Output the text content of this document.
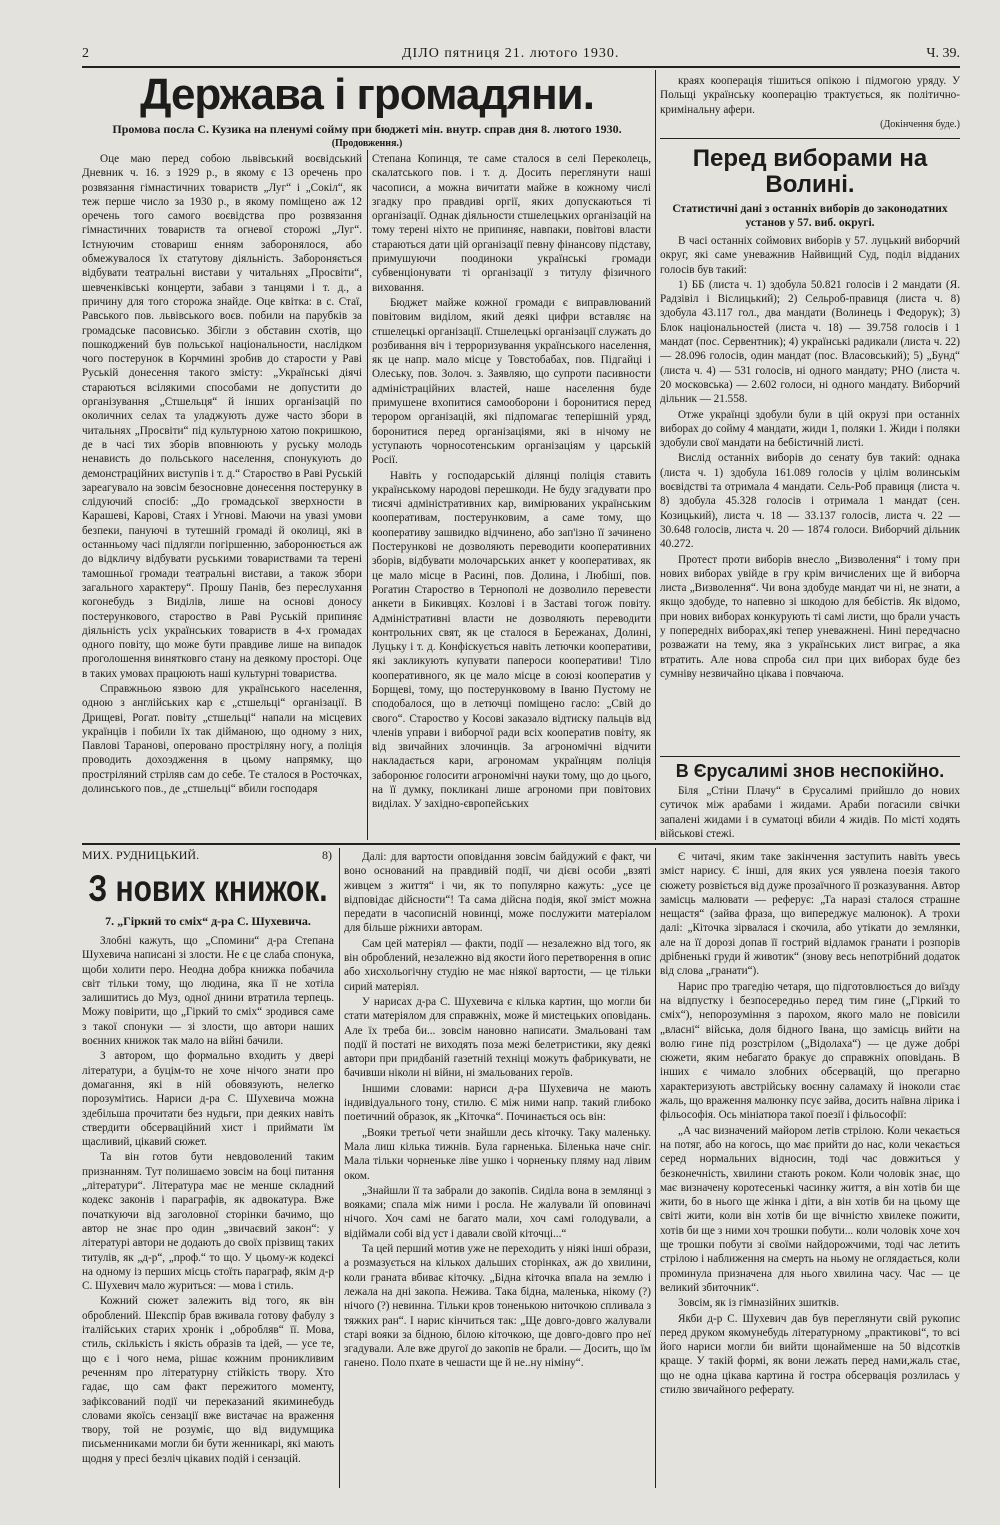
2	ДІЛО пятниця 21. лютого 1930.	Ч. 39.
Держава і громадяни.
Промова посла С. Кузика на пленумі сойму при бюджеті мін. внутр. справ дня 8. лютого 1930.
(Продовження.)

Оце маю перед собою львівський воєвідський Дневник ч. 16. з 1929 р., в якому є 13 оречень про розвязання гімнастичних товариств „Луг“ і „Сокіл“, як теж перше число за 1930 р., в якому поміщено аж 12 оречень того самого воєвідства про розвязання гімнастичних товариств та огневої сторожі „Луг“. Істнуючим стовариш енням заборонялося, або обмежувалося їх статутову діяльність. Забороняється відбувати театральні вистави у читальнях „Просвіти“, шевченківські концерти, забави з танцями і т. д., а причину для того сторожа знайде. Оце квітка: в с. Стаї, Равського пов. львівського воєв. побили на парубків за громадське пасовисько. Збігли з обставин схотів, що пошкоджений був польської національности, наслідком чого постерунок в Корчмині зробив до старости у Раві Руській донесення такого змісту: „Українські діячі стараються всілякими способами не допустити до організування „Стшельця“ й інших організацій по околичних селах та уладжують дуже часто збори в читальнях „Просвіти“ під культурною хатою покришкою, де в часі тих зборів вповнюють у руську молодь ненависть до польського населення, спонукують до демонстраційних виступів і т. д.“ Староство в Раві Руській зареагувало на зовсім безосновне донесення постерунку в слідуючий спосіб: „До громадської зверхности в Карашеві, Карові, Стаях і Угнові. Маючи на увазі умови безпеки, пануючі в тутешній громаді й околиці, які в останньому часі підлягли погіршенню, заборонюється аж до відкличу відбувати руськими товариствами та терені тамошньої громади театральні вистави, а також збори загального характеру“. Прошу Панів, без переслухання когонебудь з Виділів, лише на основі доносу постерункового, староство в Раві Руській припиняє діяльність усіх українських товариств в 4-х громадах одного повіту, що може бути правдиве лише на випадок проголошення винятковго стану на деякому просторі. Оце в таких умовах працюють наші культурні товариства.

Справжньою язвою для українського населення, одною з англійських кар є „стшельці“ організації. В Дрищеві, Рогат. повіту „стшельці“ напали на місцевих українців і побили їх так дійманою, що одному з них, Павлові Таранові, оперовано простріляну ногу, а поліція проводить дохоэдження в цьому напрямку, що простріляний стріляв сам до себе. Те сталося в Росточках, долинського пов., де „стшельці“ вбили господаря

Степана Копинця, те саме сталося в селі Переколець, скалатського пов. і т. д. Досить переглянути наші часописи, а можна вичитати майже в кожному числі згадку про правдиві оргії, яких допускаються ті організації. Однак діяльности стшелецьких організацій на тому терені ніхто не припиняє, навпаки, повітові власти стараються дати цій організації певну фінансову підставу, примушуючи поодиноки українські громади субвенціонувати ті організації з титулу фізичного виховання.

Бюджет майже кожної громади є виправлюваний повітовим виділом, який деякі цифри вставляє на стшелецькі організації. Стшелецькі організації служать до розбивання віч і терроризування українського населення, як це напр. мало місце у Товстобабах, пов. Підгайці і Олеську, пов. Золоч. з. Заявляю, що супроти пасивности адміністраційних властей, наше населення буде примушене вхопитися самооборони і боронитися перед терором організацій, які підпомагає теперішній уряд, боронитися перед організаціями, які в нічому не уступають чорносотенським організаціям у царській Росії.

Навіть у господарській ділянці поліція ставить українському народові перешкоди. Не буду згадувати про тисячі адміністративних кар, вимірюваних українським кооперативам, постерунковим, а саме тому, що кооперативу зашвидко відчинено, або зап'ізно її зачинено Постерункові не дозволяють переводити кооперативних зборів, відбувати молочарських анкет у кооперативах, як це мало місце в Расині, пов. Долина, і Любіші, пов. Рогатин Староство в Тернополі не дозволило перевести анкети в Бикивцях. Козлові і в Заставі тогож повіту. Адміністративні власти не дозволяють переводити контрольних свят, як це сталося в Бережанах, Долині, Луцьку і т. д. Конфіскується навіть летючки кооперативи, які закликують купувати папероси кооперативи! Тіло кооперативного, як це мало місце в союзі кооператив у Борщеві, тому, що постерунковому в Іваню Пустому не сподобалося, що в летючці поміщено гасло: „Свій до свого“. Староство у Косові заказало відтиску пальців від членів управи і виборчої ради всіх кооператив повіту, як від звичайних злочинців. За агрономічні відчити накладається кари, агрономам українцям поліція заборонює голосити агрономічні науки тому, що до цього, на її думку, покликані лише агрономи при повітових виділах. У західно-європейських

краях кооперація тішиться опікою і підмогою уряду. У Польщі українську кооперацію трактується, як політично-кримінальну афери.

(Докінчення буде.)

Перед виборами на Волині.
Статистичні дані з останніх виборів до законодатних установ у 57. виб. округі.

В часі останніх соймових виборів у 57. луцький виборчий округ, які саме уневажнив Найвищий Суд, поділ відданих голосів був такий:

1) ББ (листа ч. 1) здобула 50.821 голосів і 2 мандати (Я. Радзівіл і Віслицький); 2) Сельроб-правиця (листа ч. 8) здобула 43.117 гол., два мандати (Волинець і Федорук); 3) Блок національностей (листа ч. 18) — 39.758 голосів і 1 мандат (пос. Сервентник); 4) українські радикали (листа ч. 22) — 28.096 голосів, один мандат (пос. Власовський); 5) „Бунд“ (листа ч. 4) — 531 голосів, ні одного мандату; РНО (листа ч. 20 московська) — 2.602 голоси, ні одного мандату. Виборчий дільник — 21.558.

Отже українці здобули були в цій окрузі при останніх виборах до сойму 4 мандати, жиди 1, поляки 1. Жиди і поляки здобули свої мандати на бебістичній листі.

Вислід останніх виборів до сенату був такий: однака (листа ч. 1) здобула 161.089 голосів у цілім волинськім воєвідстві та отримала 4 мандати. Сель-Роб правиця (листа ч. 8) здобула 45.328 голосів і отримала 1 мандат (сен. Козицький), листа ч. 18 — 33.137 голосів, листа ч. 22 — 30.648 голосів, листа ч. 20 — 1874 голоси. Виборчий дільник 40.272.

Протест проти виборів внесло „Визволення“ і тому при нових виборах увійде в гру крім вичислених ще й виборча листа „Визволення“. Чи вона здобуде мандат чи ні, не знати, а якщо здобуде, то напевно зі шкодою для бебістів. Як відомо, при нових виборах конкурують ті самі листи, що брали участь у попередніх виборах,які тепер уневажнені. Нині передчасно розважати на тему, яка з українських лист виграє, а яка втратить. Але нова спроба сил при цих виборах буде без сумніву незвичайно цікава і повчаюча.

В Єрусалимі знов неспокійно.

Біля „Стіни Плачу“ в Єрусалимі прийшло до нових сутичок між арабами і жидами. Араби погасили свічки запалені жидами і в суматоці вбили 4 жидів. По місті ходять військові стежі.

МИХ. РУДНИЦЬКИЙ.	8)
З нових книжок.
7. „Гіркий то сміх“ д-ра С. Шухевича.

Злобні кажуть, що „Спомини“ д-ра Степана Шухевича написані зі злости. Не є це слаба спонука, щоби холити перо. Неодна добра книжка побачила світ тільки тому, що людина, яка її не хотіла залишитись до Муз, одної днини втратила терпець. Можу повірити, що „Гіркий то сміх“ зродився саме з такої спонуки — зі злости, що автори наших воєнних книжок так мало на війні бачили.

З автором, що формально входить у двері літератури, а буцім-то не хоче нічого знати про домагання, які в ній обовязують, нелегко порозумітись. Нариси д-ра С. Шухевича можна здебільша прочитати без нудьги, при деяких навіть ствердити обсерваційний хист і приймати їм щасливий, цікавий сюжет.

Та він готов бути невдоволений таким признанням. Тут полишаємо зовсім на боці питання „літератури“. Література має не менше складний кодекс законів і параграфів, як адвокатура. Вже початкуючи від заголовної сторінки бачимо, що автор не знає про один „звичаєвий закон“: у літературі автори не додають до своїх прізвищ таких титулів, як „д-р“, „проф.“ то що. У цьому-ж кодексі на одному із перших місць стоїть параграф, якім д-р С. Шухевич мало журиться: — мова і стиль.

Кожний сюжет залежить від того, як він оброблений. Шекспір брав вживала готову фабулу з італійських старих хронік і „обробляв“ її. Мова, стиль, скількість і якість образів та ідей, — усе те, що є і чого нема, рішає кожним проникливим реченням про літературну стійкість твору. Хто гадає, що сам факт пережитого моменту, зафіксований події чи переказаний якиминебудь словами якоїсь сензації вже вистачає на враження твору, той не розуміє, що від видумщика письменниками могли би бути женникарі, які мають щодня у пресі безліч цікавих подій і сензацій.

Далі: для вартости оповідання зовсім байдужий є факт, чи воно оснований на правдивій події, чи дієві особи „взяті живцем з життя“ і чи, як то популярно кажуть: „усе це відповідає дійсности“! Та сама дійсна подія, якої зміст можна передати в часописній новинці, може послужити матеріалом для більше ріжнихи авторам.

Сам цей матеріял — факти, події — незалежно від того, як він оброблений, незалежно від якости його перетворення в опис або хисхольогічну студію не має ніякої вартости, — це тільки сирий матеріял.

У нарисах д-ра С. Шухевича є кілька картин, що могли би стати матеріялом для справжніх, може й мистецьких оповідань. Але їх треба би... зовсім нановно написати. Змальовані там події й постаті не виходять поза межі белетристики, яку деякі автори при придбаній газетній техніці можуть фабрикувати, не бачивши ніколи ні війни, ні змальованих героїв.

Іншими словами: нариси д-ра Шухевича не мають індивідуального тону, стилю. Є між ними напр. такий глибоко поетичний образок, як „Кіточка“. Починається ось він:

„Вояки третьої чети знайшли десь кіточку. Таку маленьку. Мала лиш кілька тижнів. Була гарненька. Біленька наче сніг. Мала тільки чорненьке ліве ушко і чорненьку пляму над лівим оком.

„Знайшли її та забрали до закопів. Сиділа вона в землянці з вояками; спала між ними і росла. Не жалували їй оповиначі нічого. Хоч самі не багато мали, хоч самі голодували, а відіймали собі від уст і давали своїй кіточці...“

Та цей перший мотив уже не переходить у ніякі інші образи, а розмазується на кількох дальших сторінках, аж до хвилини, коли граната вбиває кіточку. „Бідна кіточка впала на землю і лежала на дні закопа. Нежива. Така бідна, маленька, нікому (?) нічого (?) невинна. Тільки кров тоненькою ниточкою спливала з тяжких ран“. І нарис кінчиться так: „Ще довго-довго жалували старі вояки за бідною, білою кіточкою, ще довго-довго про неї згадували. Але вже другої до закопів не брали. — Досить, що їм ганено. Поло пхате в чешасти ще й не..ну німіну“.

Є читачі, яким таке закінчення заступить навіть увесь зміст нарису. Є інші, для яких уся уявлена поезія такого сюжету розвіється від дуже прозаїчного її розказування. Автор замісць малювати — реферує: „Та наразі сталося страшне нещастя“ (зайва фраза, що випереджує малюнок). А трохи далі: „Кіточка зірвалася і скочила, або утікати до землянки, але на її дорозі допав її гострий відламок гранати і розпорів дрібненькі груди й животик“ (знову весь непотрібний додаток від слова „гранати“).

Нарис про трагедію четаря, що підготовлюється до виїзду на відпустку і безпосередньо перед тим гине („Гіркий то сміх“), непорозуміння з парохом, якого мало не повісили „власні“ війська, доля бідного Івана, що замісць вийти на волю гине під розстрілом („Відолаха“) — це дуже добрі сюжети, яким небагато бракує до справжніх оповідань. В інших є чимало злобних обсервацій, що прегарно характеризують австрійську воєнну саламаху й іноколи стає жаль, що враження малюнку псує зайва, досить наївна лірика і фільософія. Ось мініатюра такої поезії і фільософії:

„А час визначений майором летів стрілою. Коли чекається на потяг, або на когось, що має прийти до нас, коли чекається серед нормальних відносин, тоді час довжиться у безконечність, хвилини стають роком. Коли чоловік знає, що має визначену коротесенькі часинку життя, а він хотів би ще жити, бо в нього ще жінка і діти, а він хотів би на цьому ще світі жити, коли він хотів би ще вічністю хвилеке пожити, хотів би ще з ними хоч трошки побути... коли чоловік хоче хоч ще трошки побути зі своїми найдорожчими, тоді час летить стрілою і наближення на смерть на ньому не оглядається, коли проминула призначена для нього хвилина часу. Час — це великий збиточник“.

Зовсім, як із гімназійних зшитків.

Якби д-р С. Шухевич дав був переглянути свій рукопис перед друком якомунебудь літературному „практикові“, то всі його нариси могли би вийти щонайменше на 50 відсотків краще. У такій формі, як вони лежать перед нами,жаль стає, що не одна цікава картина й гостра обсервація розлилась у стилю звичайного реферату.
